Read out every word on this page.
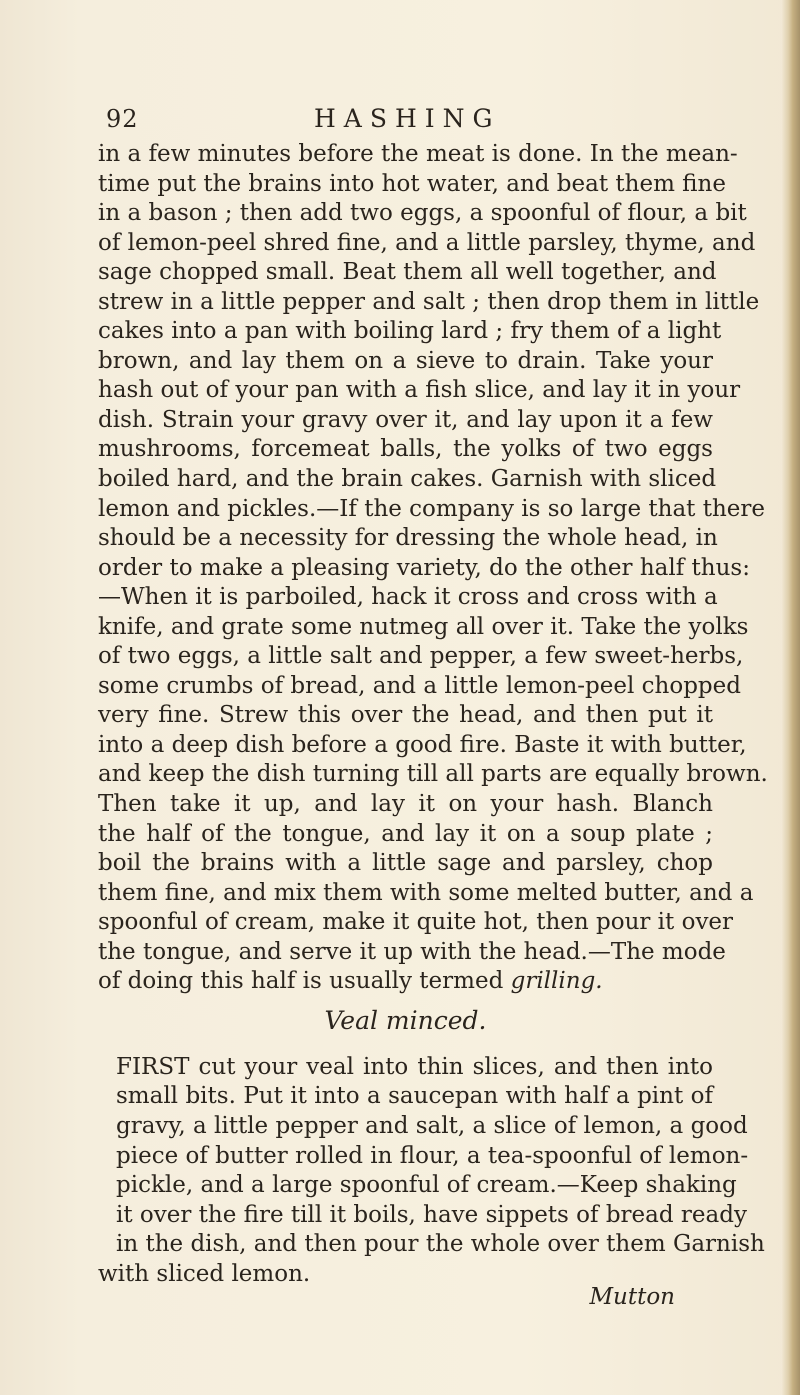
92	HASHING
in a few minutes before the meat is done. In the mean-
time put the brains into hot water, and beat them fine
in a bason ; then add two eggs, a spoonful of flour, a bit
of lemon-peel shred fine, and a little parsley, thyme, and
sage chopped small. Beat them all well together, and
strew in a little pepper and salt ; then drop them in little
cakes into a pan with boiling lard ; fry them of a light
brown, and lay them on a sieve to drain. Take your
hash out of your pan with a fish slice, and lay it in your
dish. Strain your gravy over it, and lay upon it a few
mushrooms, forcemeat balls, the yolks of two eggs
boiled hard, and the brain cakes. Garnish with sliced
lemon and pickles.—If the company is so large that there
should be a necessity for dressing the whole head, in
order to make a pleasing variety, do the other half thus:
—When it is parboiled, hack it cross and cross with a
knife, and grate some nutmeg all over it. Take the yolks
of two eggs, a little salt and pepper, a few sweet-herbs,
some crumbs of bread, and a little lemon-peel chopped
very fine. Strew this over the head, and then put it
into a deep dish before a good fire. Baste it with butter,
and keep the dish turning till all parts are equally brown.
Then take it up, and lay it on your hash. Blanch
the half of the tongue, and lay it on a soup plate ;
boil the brains with a little sage and parsley, chop
them fine, and mix them with some melted butter, and a
spoonful of cream, make it quite hot, then pour it over
the tongue, and serve it up with the head.—The mode
of doing this half is usually termed grilling.
Veal minced.
FIRST cut your veal into thin slices, and then into
small bits. Put it into a saucepan with half a pint of
gravy, a little pepper and salt, a slice of lemon, a good
piece of butter rolled in flour, a tea-spoonful of lemon-
pickle, and a large spoonful of cream.—Keep shaking
it over the fire till it boils, have sippets of bread ready
in the dish, and then pour the whole over them Garnish
with sliced lemon.
Mutton
